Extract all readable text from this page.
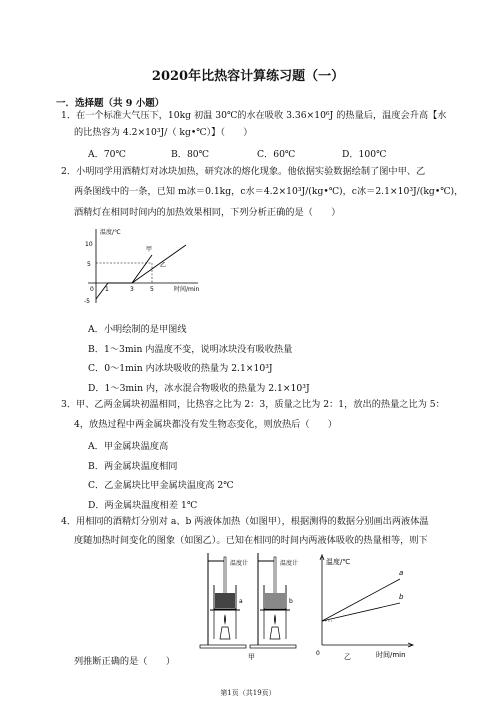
2020年比热容计算练习题（一）
一．选择题（共 9 小题）
1．在一个标准大气压下，10kg 初温 30℃的水在吸收 3.36×10⁶J 的热量后，温度会升高【水
的比热容为 4.2×10³J/（ kg•℃）】（　　）
A．70℃	B．80℃	C．60℃	D．100℃
2．小明同学用酒精灯对冰块加热，研究冰的熔化现象。他依据实验数据绘制了图中甲、乙
两条图线中的一条，已知 m冰＝0.1kg，c水＝4.2×10³J/(kg•℃)，c冰＝2.1×10³J/(kg•℃)，
酒精灯在相同时间内的加热效果相同，下列分析正确的是（　　）
温度/℃
时间/min
10
5
0
-5
1	3	5
甲
乙
A．小明绘制的是甲图线
B．1～3min 内温度不变，说明冰块没有吸收热量
C．0～1min 内冰块吸收的热量为 2.1×10³J
D．1～3min 内，冰水混合物吸收的热量为 2.1×10³J
3．甲、乙两金属块初温相同，比热容之比为 2：3，质量之比为 2：1，放出的热量之比为 5：
4，放热过程中两金属块都没有发生物态变化，则放热后（　　）
A．甲金属块温度高
B．两金属块温度相同
C．乙金属块比甲金属块温度高 2℃
D．两金属块温度相差 1℃
4．用相同的酒精灯分别对 a、b 两液体加热（如图甲），根据测得的数据分别画出两液体温
度随加热时间变化的图象（如图乙）。已知在相同的时间内两液体吸收的热量相等，则下
温度计
a
温度计
b
甲
温度/℃
时间/min
0
a
b
乙
列推断正确的是（　　）
第1页（共19页）
